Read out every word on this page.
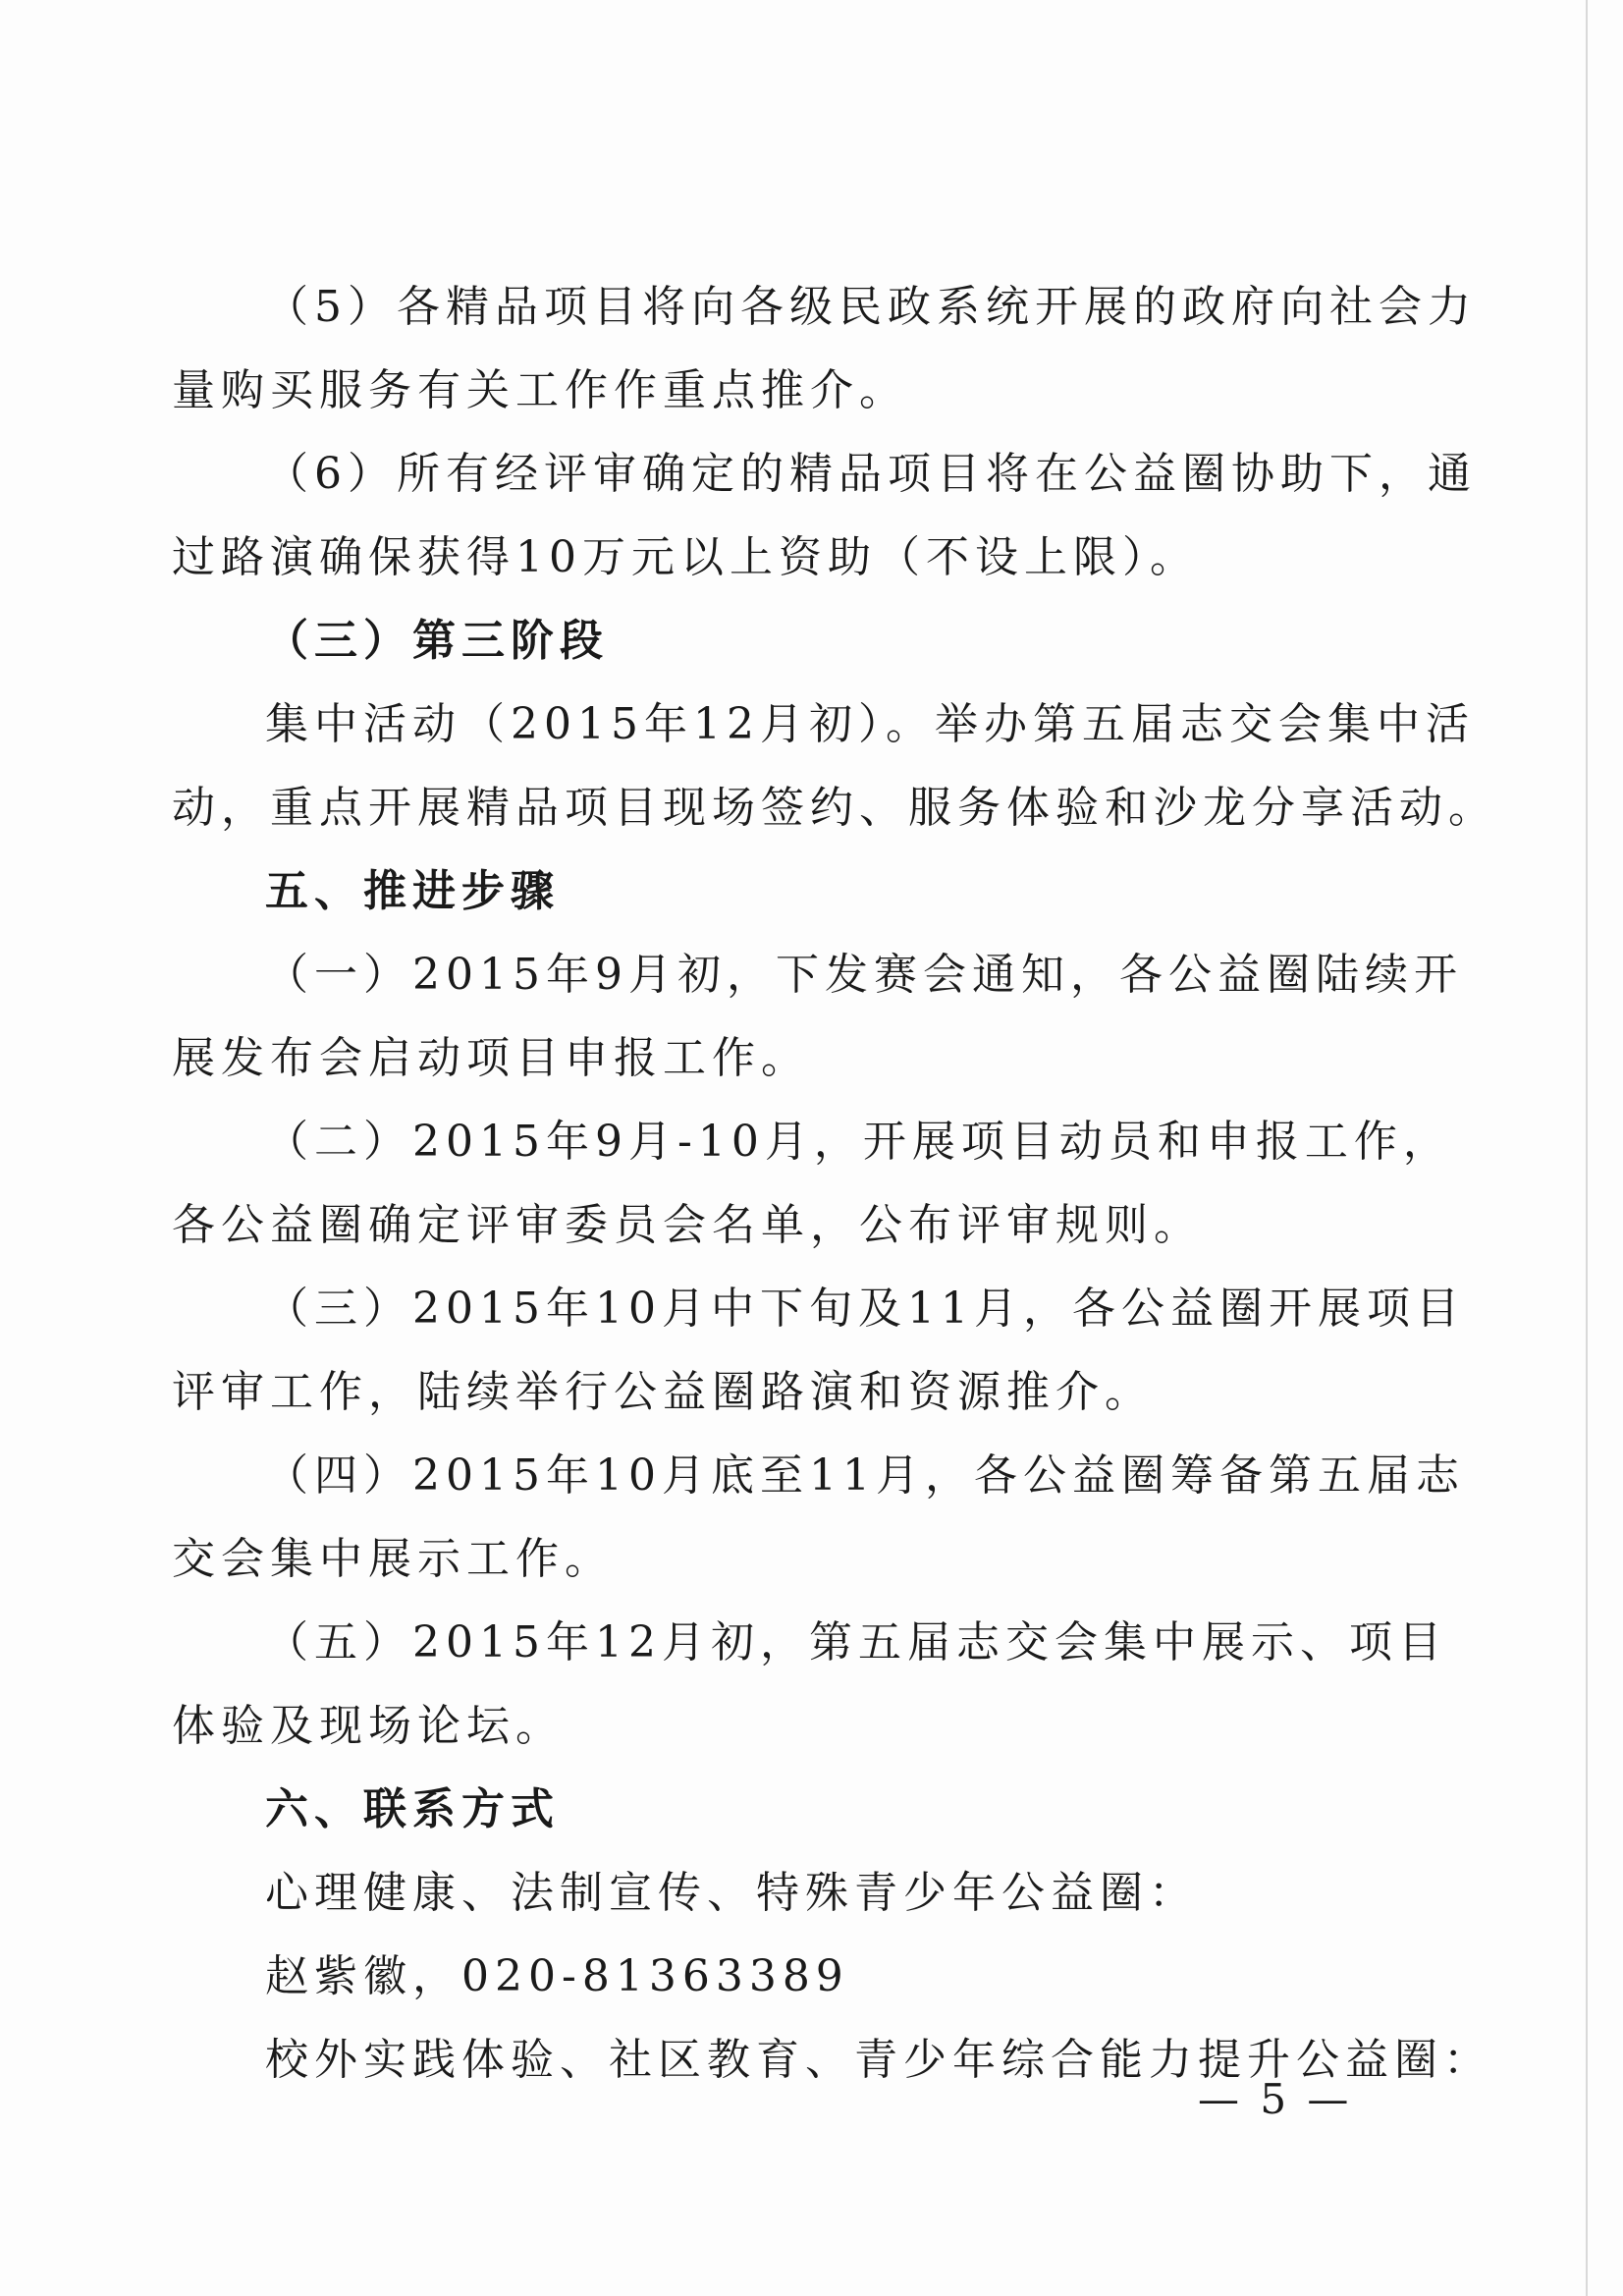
（5）各精品项目将向各级民政系统开展的政府向社会力
量购买服务有关工作作重点推介。
（6）所有经评审确定的精品项目将在公益圈协助下，通
过路演确保获得10万元以上资助（不设上限）。
（三）第三阶段
集中活动（2015年12月初）。举办第五届志交会集中活
动，重点开展精品项目现场签约、服务体验和沙龙分享活动。
五、推进步骤
（一）2015年9月初，下发赛会通知，各公益圈陆续开
展发布会启动项目申报工作。
（二）2015年9月-10月，开展项目动员和申报工作，
各公益圈确定评审委员会名单，公布评审规则。
（三）2015年10月中下旬及11月，各公益圈开展项目
评审工作，陆续举行公益圈路演和资源推介。
（四）2015年10月底至11月，各公益圈筹备第五届志
交会集中展示工作。
（五）2015年12月初，第五届志交会集中展示、项目
体验及现场论坛。
六、联系方式
心理健康、法制宣传、特殊青少年公益圈：
赵紫徽，020-81363389
校外实践体验、社区教育、青少年综合能力提升公益圈：
— 5 —
